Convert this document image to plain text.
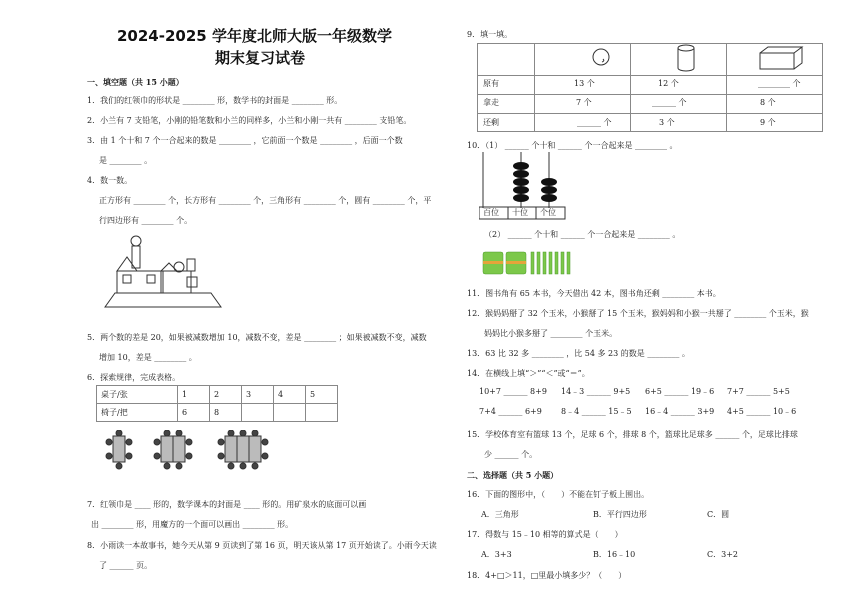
2024-2025 学年度北师大版一年级数学
期末复习试卷
一、填空题（共 15 小题）
1．我们的红领巾的形状是 ________ 形，数学书的封面是 ________ 形。
2．小兰有 7 支铅笔，小刚的铅笔数和小兰的同样多，小兰和小刚一共有 ________ 支铅笔。
3．由 1 个十和 7 个一合起来的数是 ________ ，它前面一个数是 ________ ，后面一个数
是 ________ 。
4．数一数。
正方形有 ________ 个，长方形有 ________ 个，三角形有 ________ 个，圆有 ________ 个，平
行四边形有 ________ 个。
5．两个数的差是 20，如果被减数增加 10，减数不变，差是 ________ ；如果被减数不变，减数
增加 10，差是 ________ 。
6．探索规律，完成表格。
桌子/张	1	2	3	4	5
椅子/把	6	8			
7．红领巾是 ____ 形的，数学课本的封面是 ____ 形的。用矿泉水的底面可以画
出 ________ 形，用魔方的一个面可以画出 ________ 形。
8．小雨读一本故事书，她今天从第 9 页读到了第 16 页，明天该从第 17 页开始读了。小雨今天读
了 ______ 页。
9．填一填。
原有	13 个	12 个	________ 个
拿走	7 个	______ 个	8 个
还剩	______ 个	3 个	9 个
10．（1） ______ 个十和 ______ 个一合起来是 ________ 。
百位 十位 个位
（2） ______ 个十和 ______ 个一合起来是 ________ 。
11．图书角有 65 本书，今天借出 42 本，图书角还剩 ________ 本书。
12．猴妈妈掰了 32 个玉米，小猴掰了 15 个玉米，猴妈妈和小猴一共掰了 ________ 个玉米，猴
妈妈比小猴多掰了 ________ 个玉米。
13．63 比 32 多 ________ ，比 54 多 23 的数是 ________ 。
14．在横线上填“＞”“＜”或“＝”。
10+7 ______ 8+9 14﹣3 ______ 9+5 6+5 ______ 19﹣6 7+7 ______ 5+5
7+4 ______ 6+9 8﹣4 ______ 15﹣5 16﹣4 ______ 3+9 4+5 ______ 10﹣6
15．学校体育室有篮球 13 个，足球 6 个，排球 8 个，篮球比足球多 ______ 个，足球比排球
少 ______ 个。
二、选择题（共 5 小题）
16．下面的图形中，（　　）不能在钉子板上围出。
A．三角形	B．平行四边形	C．圆
17．得数与 15﹣10 相等的算式是（　　）
A．3+3	B．16﹣10	C．3+2
18．4+□＞11，□里最小填多少？（　　）
